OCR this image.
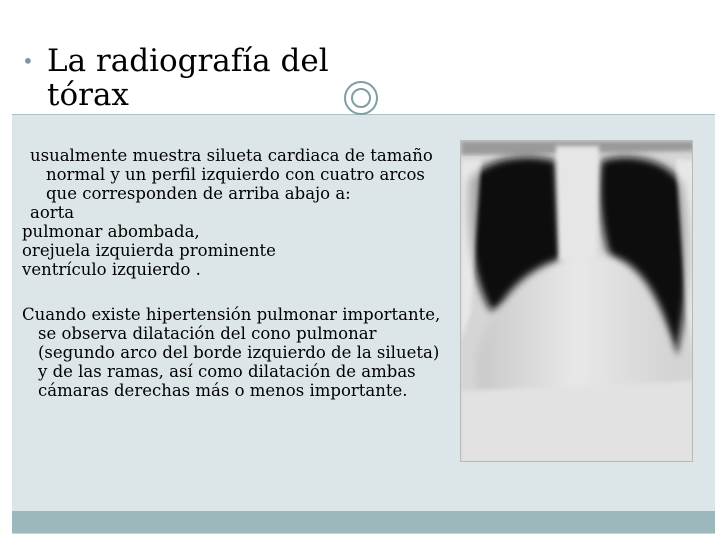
• La radiografía del tórax

usualmente muestra silueta cardiaca de tamaño normal y un perfil izquierdo con cuatro arcos que corresponden de arriba abajo a:

aorta

pulmonar abombada,

orejuela izquierda prominente

ventrículo izquierdo .

Cuando existe hipertensión pulmonar importante, se observa dilatación del cono pulmonar (segundo arco del borde izquierdo de la silueta) y de las ramas, así como dilatación de ambas cámaras derechas más o menos importante.
